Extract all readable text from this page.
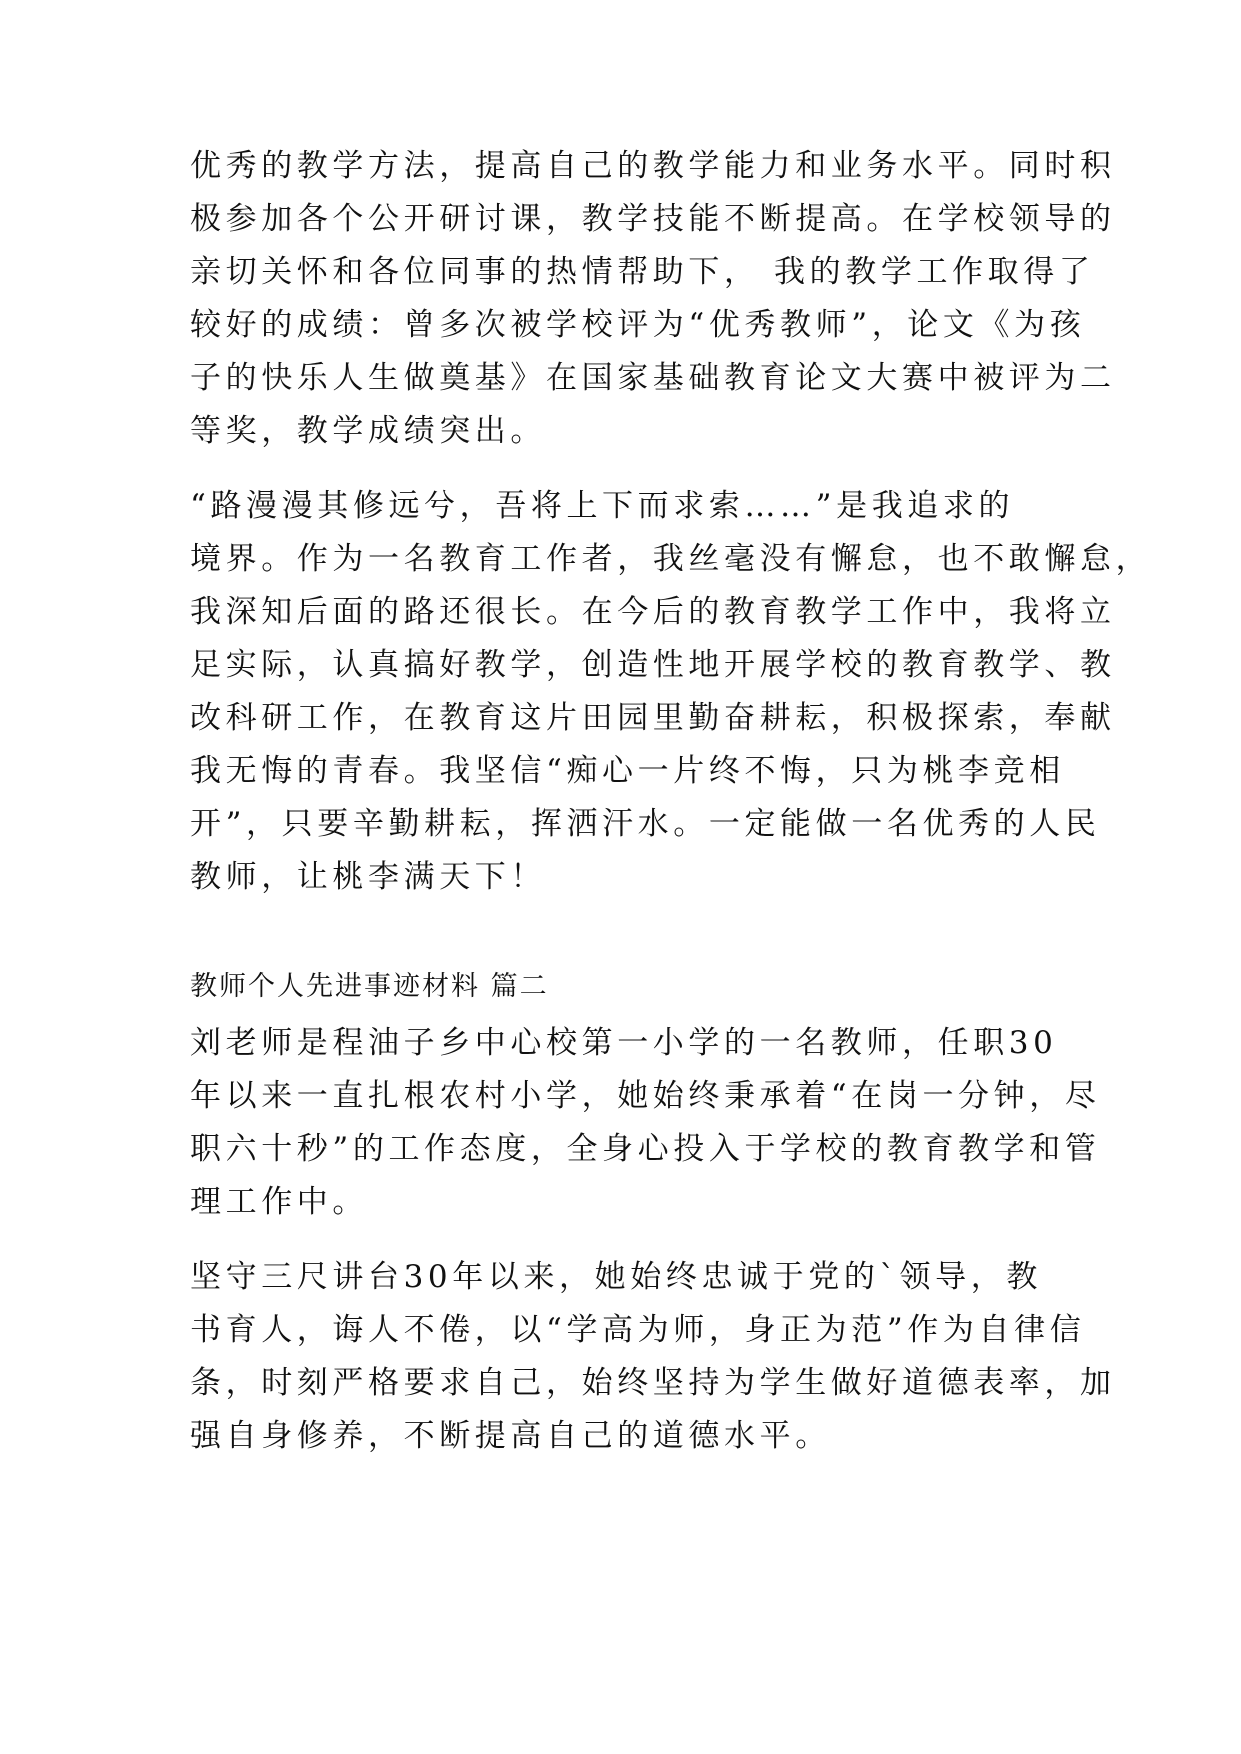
优秀的教学方法，提高自己的教学能力和业务水平。同时积
极参加各个公开研讨课，教学技能不断提高。在学校领导的
亲切关怀和各位同事的热情帮助下， 我的教学工作取得了
较好的成绩：曾多次被学校评为“优秀教师”，论文《为孩
子的快乐人生做奠基》在国家基础教育论文大赛中被评为二
等奖，教学成绩突出。
“路漫漫其修远兮，吾将上下而求索……”是我追求的
境界。作为一名教育工作者，我丝毫没有懈怠，也不敢懈怠，
我深知后面的路还很长。在今后的教育教学工作中，我将立
足实际，认真搞好教学，创造性地开展学校的教育教学、教
改科研工作，在教育这片田园里勤奋耕耘，积极探索，奉献
我无悔的青春。我坚信“痴心一片终不悔，只为桃李竞相
开”，只要辛勤耕耘，挥洒汗水。一定能做一名优秀的人民
教师，让桃李满天下！
教师个人先进事迹材料 篇二
刘老师是程油子乡中心校第一小学的一名教师，任职30
年以来一直扎根农村小学，她始终秉承着“在岗一分钟，尽
职六十秒”的工作态度，全身心投入于学校的教育教学和管
理工作中。
坚守三尺讲台30年以来，她始终忠诚于党的`领导，教
书育人，诲人不倦，以“学高为师，身正为范”作为自律信
条，时刻严格要求自己，始终坚持为学生做好道德表率，加
强自身修养，不断提高自己的道德水平。
